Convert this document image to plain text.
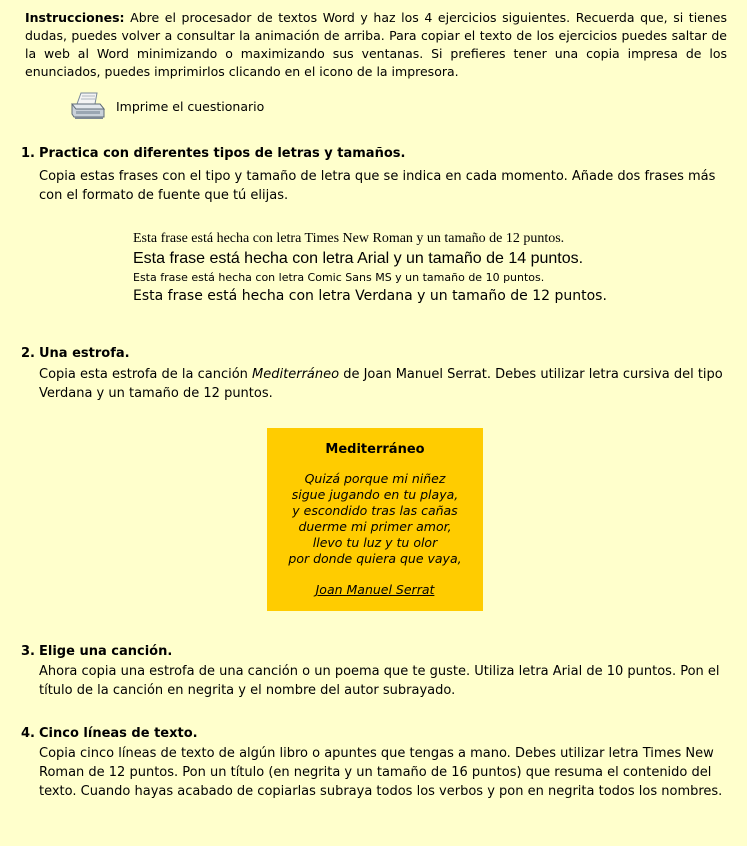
Instrucciones: Abre el procesador de textos Word y haz los 4 ejercicios siguientes. Recuerda que, si tienes dudas, puedes volver a consultar la animación de arriba. Para copiar el texto de los ejercicios puedes saltar de la web al Word minimizando o maximizando sus ventanas. Si prefieres tener una copia impresa de los enunciados, puedes imprimirlos clicando en el icono de la impresora.
Imprime el cuestionario
1. Practica con diferentes tipos de letras y tamaños.
Copia estas frases con el tipo y tamaño de letra que se indica en cada momento. Añade dos frases más con el formato de fuente que tú elijas.
Esta frase está hecha con letra Times New Roman y un tamaño de 12 puntos.
Esta frase está hecha con letra Arial y un tamaño de 14 puntos.
Esta frase está hecha con letra Comic Sans MS y un tamaño de 10 puntos.
Esta frase está hecha con letra Verdana y un tamaño de 12 puntos.
2. Una estrofa.
Copia esta estrofa de la canción Mediterráneo de Joan Manuel Serrat. Debes utilizar letra cursiva del tipo Verdana y un tamaño de 12 puntos.
Mediterráneo
Quizá porque mi niñez
sigue jugando en tu playa,
y escondido tras las cañas
duerme mi primer amor,
llevo tu luz y tu olor
por donde quiera que vaya,
Joan Manuel Serrat
3. Elige una canción.
Ahora copia una estrofa de una canción o un poema que te guste. Utiliza letra Arial de 10 puntos. Pon el título de la canción en negrita y el nombre del autor subrayado.
4. Cinco líneas de texto.
Copia cinco líneas de texto de algún libro o apuntes que tengas a mano. Debes utilizar letra Times New Roman de 12 puntos. Pon un título (en negrita y un tamaño de 16 puntos) que resuma el contenido del texto. Cuando hayas acabado de copiarlas subraya todos los verbos y pon en negrita todos los nombres.
